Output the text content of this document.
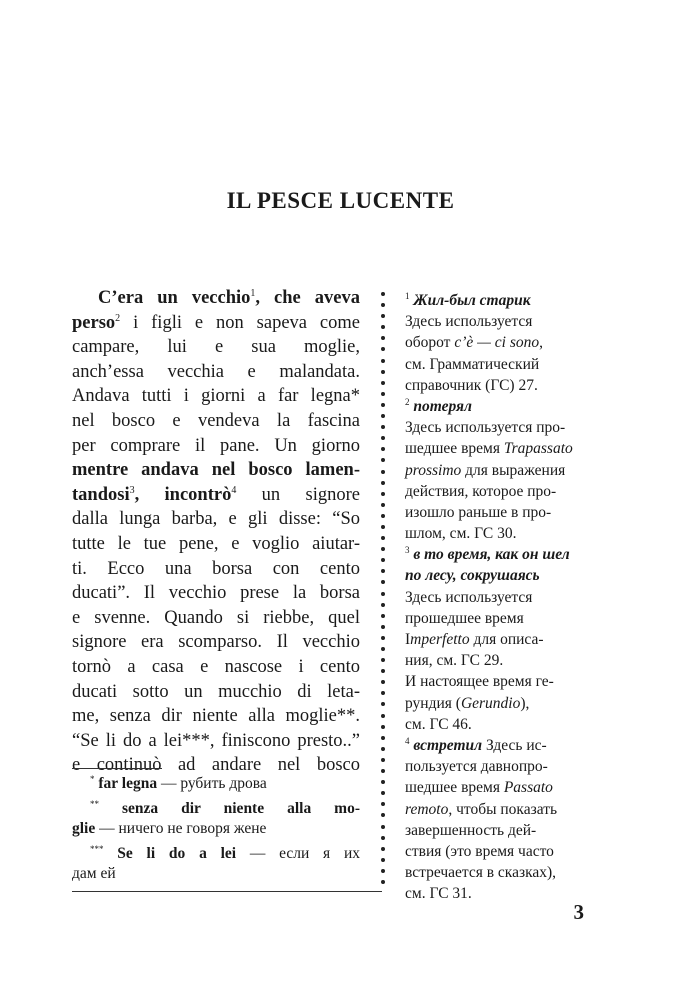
IL PESCE LUCENTE
C’era un vecchio$^1$, che aveva
perso$^2$ i figli e non sapeva come
campare, lui e sua moglie,
anch’essa vecchia e malandata.
Andava tutti i giorni a far legna*
nel bosco e vendeva la fascina
per comprare il pane. Un giorno
mentre andava nel bosco lamen-
tandosi$^3$, incontrò$^4$ un signore
dalla lunga barba, e gli disse: “So
tutte le tue pene, e voglio aiutar-
ti. Ecco una borsa con cento
ducati”. Il vecchio prese la borsa
e svenne. Quando si riebbe, quel
signore era scomparso. Il vecchio
tornò a casa e nascose i cento
ducati sotto un mucchio di leta-
me, senza dir niente alla moglie**.
“Se li do a lei***, finiscono presto..”
e continuò ad andare nel bosco
* far legna — рубить дрова
** senza dir niente alla mo-
glie — ничего не говоря жене
*** Se li do a lei — если я их
дам ей
$^1$ Жил-был старик
Здесь используется
оборот c’è — ci sono,
см. Грамматический
справочник (ГС) 27.
$^2$ потерял
Здесь используется про-
шедшее время Trapassato
prossimo для выражения
действия, которое про-
изошло раньше в про-
шлом, см. ГС 30.
$^3$ в то время, как он шел
по лесу, сокрушаясь
Здесь используется
прошедшее время
Imperfetto для описа-
ния, см. ГС 29.
И настоящее время ге-
рундия (Gerundio),
см. ГС 46.
$^4$ встретил Здесь ис-
пользуется давнопро-
шедшее время Passato
remoto, чтобы показать
завершенность дей-
ствия (это время часто
встречается в сказках),
см. ГС 31.
3
